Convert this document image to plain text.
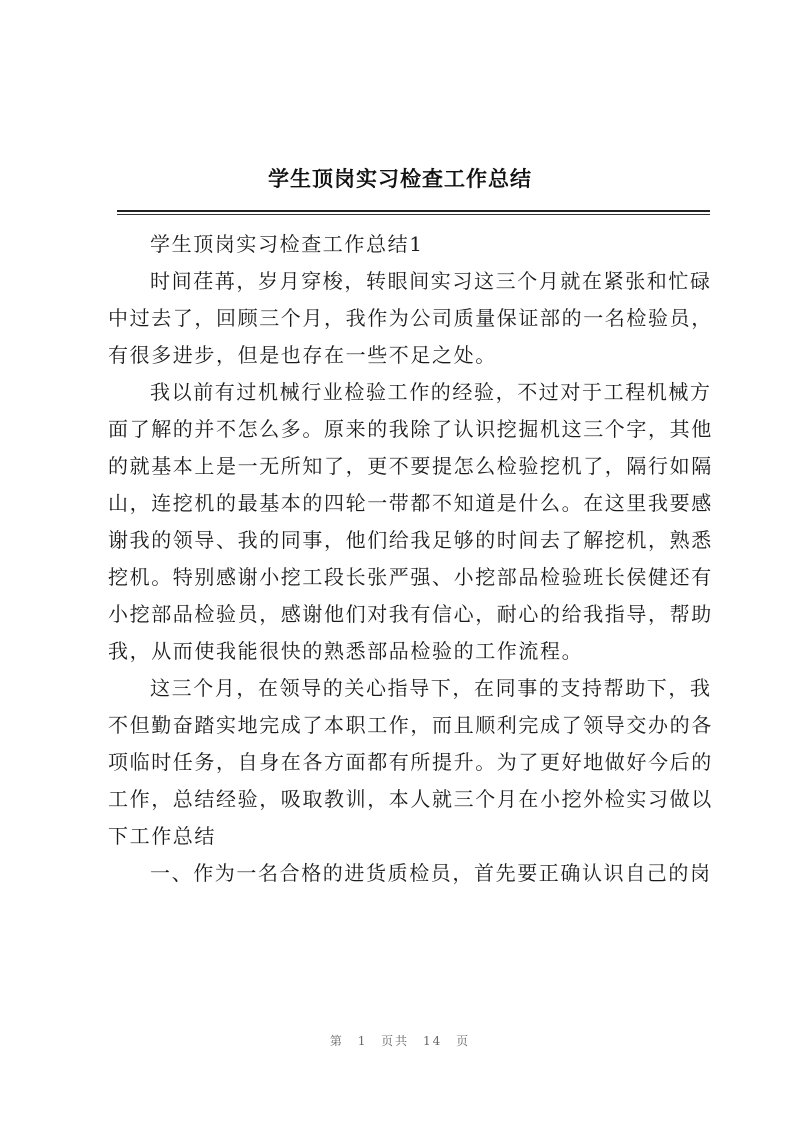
学生顶岗实习检查工作总结
学生顶岗实习检查工作总结1
时间荏苒，岁月穿梭，转眼间实习这三个月就在紧张和忙碌
中过去了，回顾三个月，我作为公司质量保证部的一名检验员，
有很多进步，但是也存在一些不足之处。
我以前有过机械行业检验工作的经验，不过对于工程机械方
面了解的并不怎么多。原来的我除了认识挖掘机这三个字，其他
的就基本上是一无所知了，更不要提怎么检验挖机了，隔行如隔
山，连挖机的最基本的四轮一带都不知道是什么。在这里我要感
谢我的领导、我的同事，他们给我足够的时间去了解挖机，熟悉
挖机。特别感谢小挖工段长张严强、小挖部品检验班长侯健还有
小挖部品检验员，感谢他们对我有信心，耐心的给我指导，帮助
我，从而使我能很快的熟悉部品检验的工作流程。
这三个月，在领导的关心指导下，在同事的支持帮助下，我
不但勤奋踏实地完成了本职工作，而且顺利完成了领导交办的各
项临时任务，自身在各方面都有所提升。为了更好地做好今后的
工作，总结经验，吸取教训，本人就三个月在小挖外检实习做以
下工作总结
一、作为一名合格的进货质检员，首先要正确认识自己的岗
第 1 页共 14 页
